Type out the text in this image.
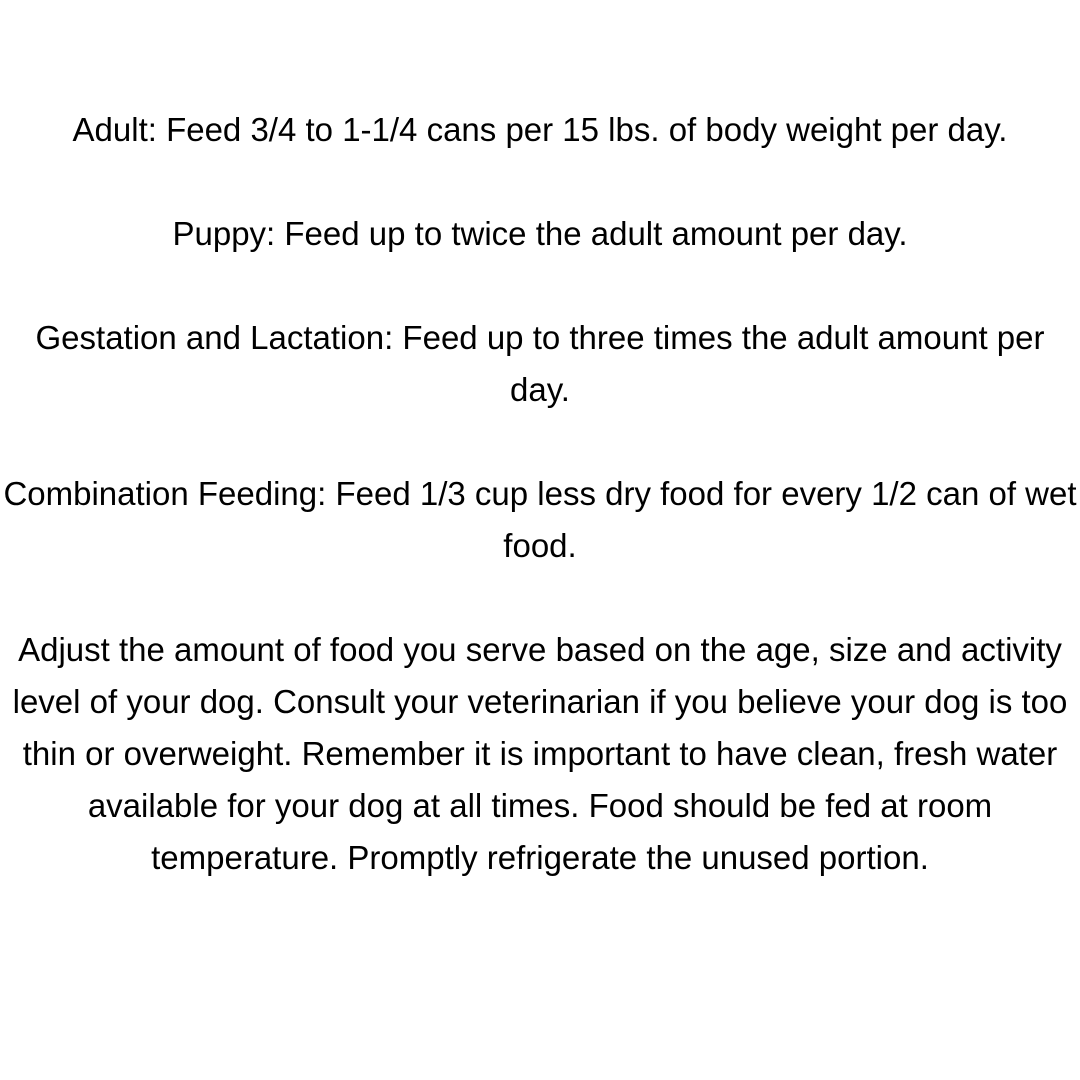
Adult: Feed 3/4 to 1-1/4 cans per 15 lbs. of body weight per day.

Puppy: Feed up to twice the adult amount per day.

Gestation and Lactation: Feed up to three times the adult amount per day.

Combination Feeding: Feed 1/3 cup less dry food for every 1/2 can of wet food.

Adjust the amount of food you serve based on the age, size and activity level of your dog. Consult your veterinarian if you believe your dog is too thin or overweight. Remember it is important to have clean, fresh water available for your dog at all times. Food should be fed at room temperature. Promptly refrigerate the unused portion.
